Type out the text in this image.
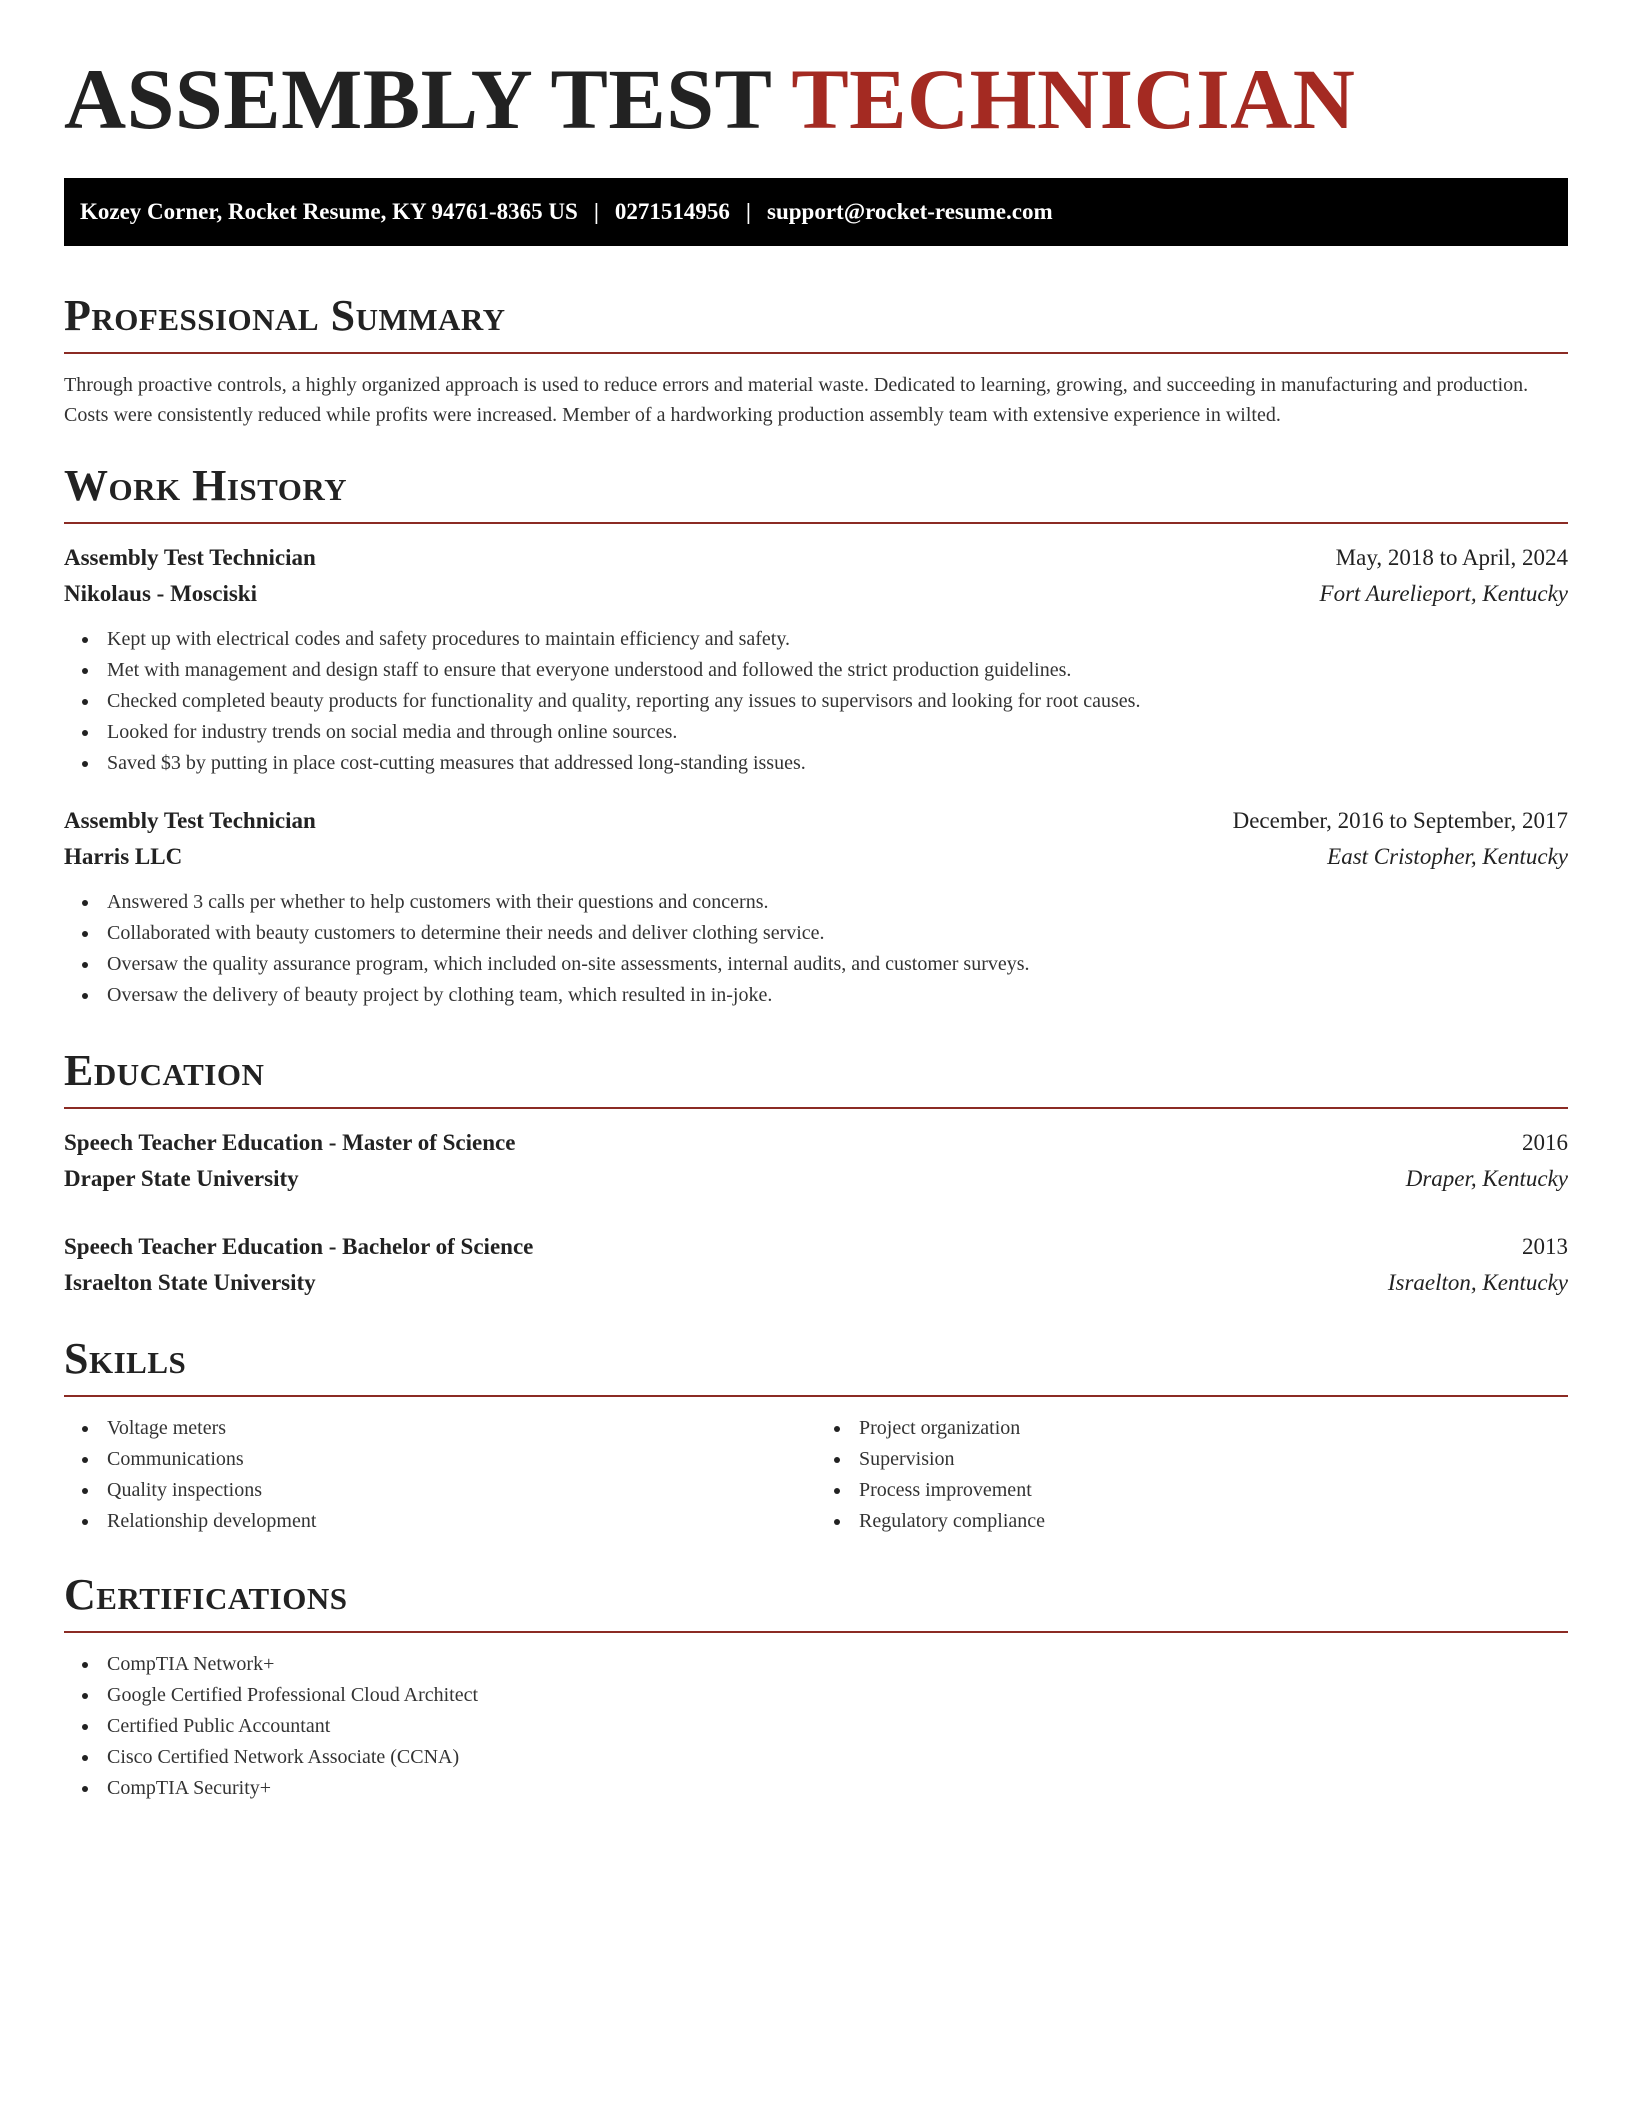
ASSEMBLY TEST TECHNICIAN
Kozey Corner, Rocket Resume, KY 94761-8365 US | 0271514956 | support@rocket-resume.com
Professional Summary

Through proactive controls, a highly organized approach is used to reduce errors and material waste. Dedicated to learning, growing, and succeeding in manufacturing and production. Costs were consistently reduced while profits were increased. Member of a hardworking production assembly team with extensive experience in wilted.

Work History
Assembly Test Technician	May, 2018 to April, 2024
Nikolaus - Mosciski	Fort Aurelieport, Kentucky
Kept up with electrical codes and safety procedures to maintain efficiency and safety.
Met with management and design staff to ensure that everyone understood and followed the strict production guidelines.
Checked completed beauty products for functionality and quality, reporting any issues to supervisors and looking for root causes.
Looked for industry trends on social media and through online sources.
Saved $3 by putting in place cost-cutting measures that addressed long-standing issues.
Assembly Test Technician	December, 2016 to September, 2017
Harris LLC	East Cristopher, Kentucky
Answered 3 calls per whether to help customers with their questions and concerns.
Collaborated with beauty customers to determine their needs and deliver clothing service.
Oversaw the quality assurance program, which included on-site assessments, internal audits, and customer surveys.
Oversaw the delivery of beauty project by clothing team, which resulted in in-joke.
Education
Speech Teacher Education - Master of Science	2016
Draper State University	Draper, Kentucky
Speech Teacher Education - Bachelor of Science	2013
Israelton State University	Israelton, Kentucky
Skills
Voltage meters
Communications
Quality inspections
Relationship development
Project organization
Supervision
Process improvement
Regulatory compliance
Certifications
CompTIA Network+
Google Certified Professional Cloud Architect
Certified Public Accountant
Cisco Certified Network Associate (CCNA)
CompTIA Security+
